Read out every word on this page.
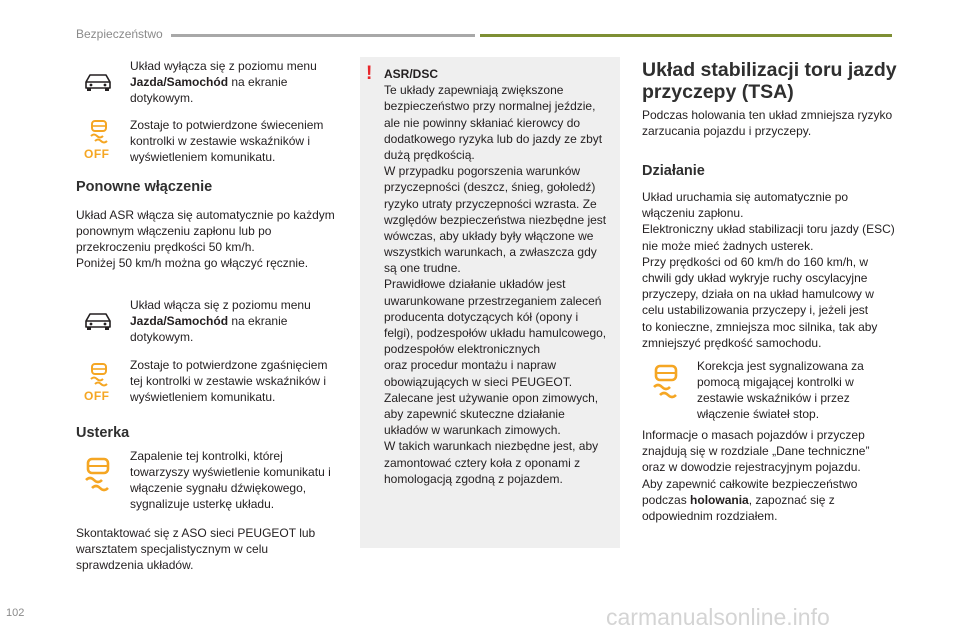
Bezpieczeństwo
Układ wyłącza się z poziomu menu
Jazda/Samochód na ekranie dotykowym.
OFF
Zostaje to potwierdzone świeceniem kontrolki w zestawie wskaźników i wyświetleniem komunikatu.
Ponowne włączenie

Układ ASR włącza się automatycznie po każdym ponownym włączeniu zapłonu lub po przekroczeniu prędkości 50 km/h.

Poniżej 50 km/h można go włączyć ręcznie.

Układ włącza się z poziomu menu
Jazda/Samochód na ekranie dotykowym.
OFF
Zostaje to potwierdzone zgaśnięciem tej kontrolki w zestawie wskaźników i wyświetleniem komunikatu.
Usterka
Zapalenie tej kontrolki, której towarzyszy wyświetlenie komunikatu i włączenie sygnału dźwiękowego, sygnalizuje usterkę układu.

Skontaktować się z ASO sieci PEUGEOT lub warsztatem specjalistycznym w celu sprawdzenia układów.

! ASR/DSC
Te układy zapewniają zwiększone
bezpieczeństwo przy normalnej jeździe,
ale nie powinny skłaniać kierowcy do
dodatkowego ryzyka lub do jazdy ze zbyt
dużą prędkością.
W przypadku pogorszenia warunków
przyczepności (deszcz, śnieg, gołoledź)
ryzyko utraty przyczepności wzrasta. Ze
względów bezpieczeństwa niezbędne jest
wówczas, aby układy były włączone we
wszystkich warunkach, a zwłaszcza gdy
są one trudne.
Prawidłowe działanie układów jest
uwarunkowane przestrzeganiem zaleceń
producenta dotyczących kół (opony i
felgi), podzespołów układu hamulcowego,
podzespołów elektronicznych
oraz procedur montażu i napraw
obowiązujących w sieci PEUGEOT.
Zalecane jest używanie opon zimowych,
aby zapewnić skuteczne działanie
układów w warunkach zimowych.
W takich warunkach niezbędne jest, aby
zamontować cztery koła z oponami z
homologacją zgodną z pojazdem.
Układ stabilizacji toru jazdy
przyczepy (TSA)

Podczas holowania ten układ zmniejsza ryzyko zarzucania pojazdu i przyczepy.

Działanie
Układ uruchamia się automatycznie po
włączeniu zapłonu.
Elektroniczny układ stabilizacji toru jazdy (ESC)
nie może mieć żadnych usterek.
Przy prędkości od 60 km/h do 160 km/h, w
chwili gdy układ wykryje ruchy oscylacyjne
przyczepy, działa on na układ hamulcowy w
celu ustabilizowania przyczepy i, jeżeli jest
to konieczne, zmniejsza moc silnika, tak aby
zmniejszyć prędkość samochodu.
Korekcja jest sygnalizowana za pomocą migającej kontrolki w zestawie wskaźników i przez włączenie świateł stop.
Informacje o masach pojazdów i przyczep
znajdują się w rozdziale „Dane techniczne”
oraz w dowodzie rejestracyjnym pojazdu.
Aby zapewnić całkowite bezpieczeństwo
podczas holowania, zapoznać się z
odpowiednim rozdziałem.
102	carmanualsonline.info
